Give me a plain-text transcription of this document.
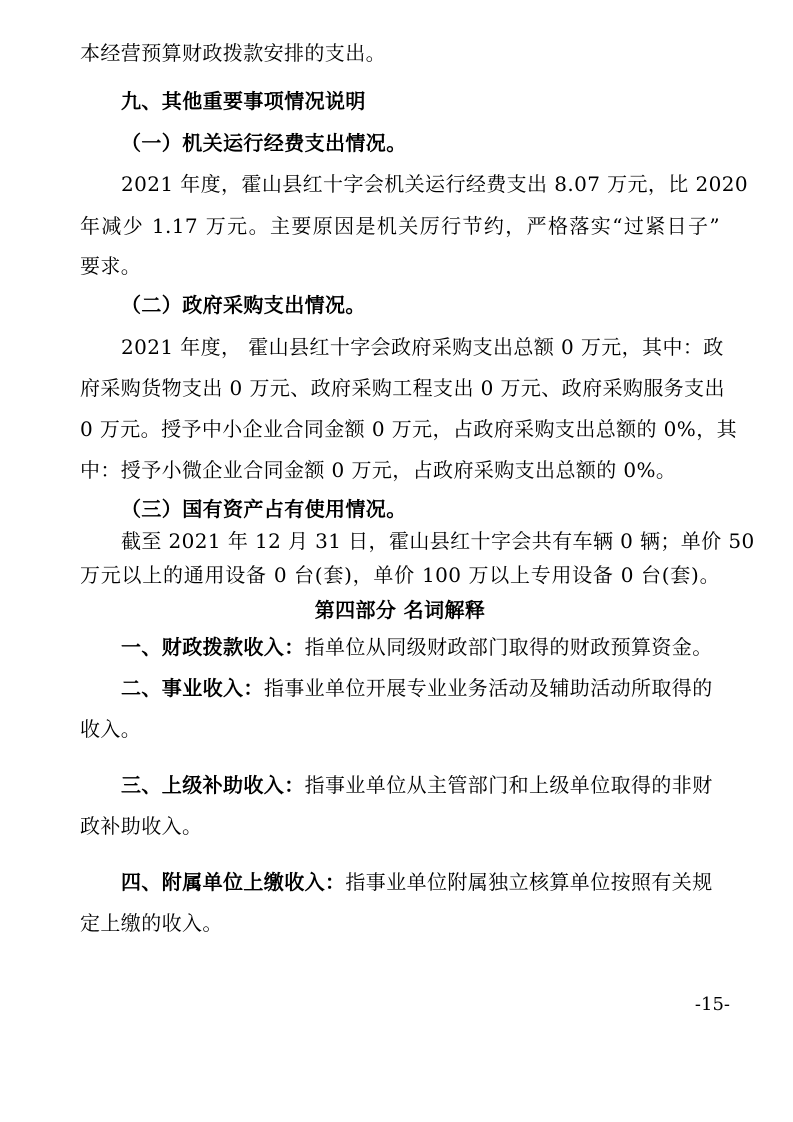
本经营预算财政拨款安排的支出。
九、其他重要事项情况说明
（一）机关运行经费支出情况。
2021 年度，霍山县红十字会机关运行经费支出 8.07 万元，比 2020
年减少 1.17 万元。主要原因是机关厉行节约，严格落实“过紧日子”
要求。
（二）政府采购支出情况。
2021 年度， 霍山县红十字会政府采购支出总额 0 万元，其中：政
府采购货物支出 0 万元、政府采购工程支出 0 万元、政府采购服务支出
0 万元。授予中小企业合同金额 0 万元，占政府采购支出总额的 0%，其
中：授予小微企业合同金额 0 万元，占政府采购支出总额的 0%。
（三）国有资产占有使用情况。
截至 2021 年 12 月 31 日，霍山县红十字会共有车辆 0 辆；单价 50
万元以上的通用设备 0 台(套)，单价 100 万以上专用设备 0 台(套)。
第四部分 名词解释
一、财政拨款收入：指单位从同级财政部门取得的财政预算资金。
二、事业收入：指事业单位开展专业业务活动及辅助活动所取得的
收入。
三、上级补助收入：指事业单位从主管部门和上级单位取得的非财
政补助收入。
四、附属单位上缴收入：指事业单位附属独立核算单位按照有关规
定上缴的收入。
-15-
